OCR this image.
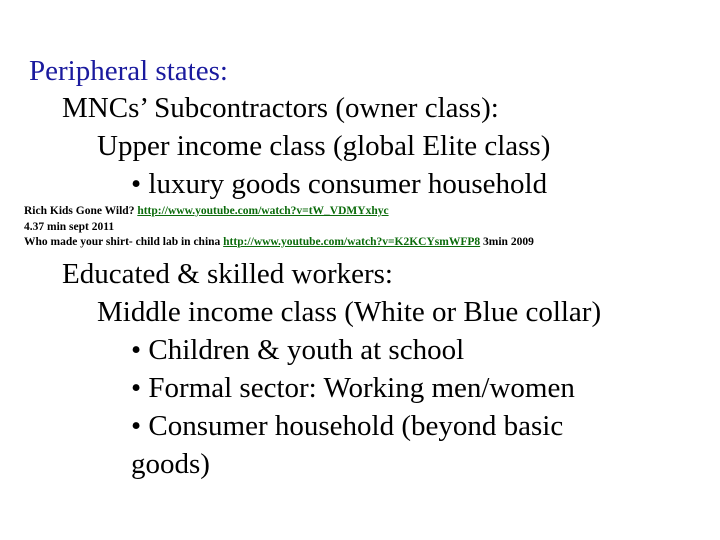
Peripheral states:
MNCs’ Subcontractors (owner class):
Upper income class (global Elite class)
• luxury goods consumer household
Rich Kids Gone Wild? http://www.youtube.com/watch?v=tW_VDMYxhyc
4.37 min sept 2011
Who made your shirt- child lab in china http://www.youtube.com/watch?v=K2KCYsmWFP8 3min 2009
Educated & skilled workers:
Middle income class (White or Blue collar)
• Children & youth at school
• Formal sector: Working men/women
• Consumer household (beyond basic
goods)
